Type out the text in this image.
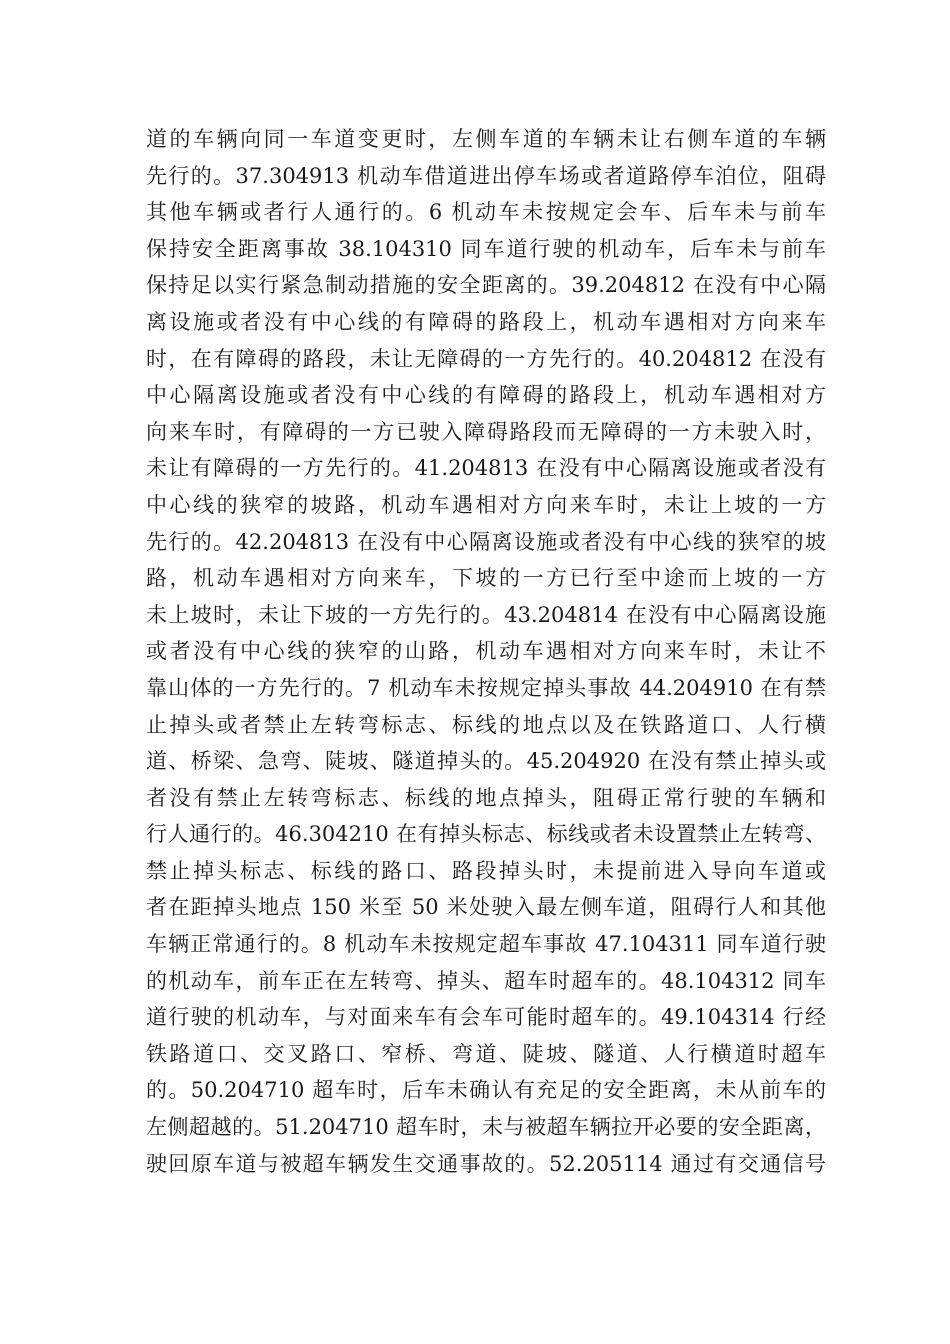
道的车辆向同一车道变更时，左侧车道的车辆未让右侧车道的车辆
先行的。37.304913 机动车借道进出停车场或者道路停车泊位，阻碍
其他车辆或者行人通行的。6 机动车未按规定会车、后车未与前车
保持安全距离事故 38.104310 同车道行驶的机动车，后车未与前车
保持足以实行紧急制动措施的安全距离的。39.204812 在没有中心隔
离设施或者没有中心线的有障碍的路段上，机动车遇相对方向来车
时，在有障碍的路段，未让无障碍的一方先行的。40.204812 在没有
中心隔离设施或者没有中心线的有障碍的路段上，机动车遇相对方
向来车时，有障碍的一方已驶入障碍路段而无障碍的一方未驶入时，
未让有障碍的一方先行的。41.204813 在没有中心隔离设施或者没有
中心线的狭窄的坡路，机动车遇相对方向来车时，未让上坡的一方
先行的。42.204813 在没有中心隔离设施或者没有中心线的狭窄的坡
路，机动车遇相对方向来车，下坡的一方已行至中途而上坡的一方
未上坡时，未让下坡的一方先行的。43.204814 在没有中心隔离设施
或者没有中心线的狭窄的山路，机动车遇相对方向来车时，未让不
靠山体的一方先行的。7 机动车未按规定掉头事故 44.204910 在有禁
止掉头或者禁止左转弯标志、标线的地点以及在铁路道口、人行横
道、桥梁、急弯、陡坡、隧道掉头的。45.204920 在没有禁止掉头或
者没有禁止左转弯标志、标线的地点掉头，阻碍正常行驶的车辆和
行人通行的。46.304210 在有掉头标志、标线或者未设置禁止左转弯、
禁止掉头标志、标线的路口、路段掉头时，未提前进入导向车道或
者在距掉头地点 150 米至 50 米处驶入最左侧车道，阻碍行人和其他
车辆正常通行的。8 机动车未按规定超车事故 47.104311 同车道行驶
的机动车，前车正在左转弯、掉头、超车时超车的。48.104312 同车
道行驶的机动车，与对面来车有会车可能时超车的。49.104314 行经
铁路道口、交叉路口、窄桥、弯道、陡坡、隧道、人行横道时超车
的。50.204710 超车时，后车未确认有充足的安全距离，未从前车的
左侧超越的。51.204710 超车时，未与被超车辆拉开必要的安全距离，
驶回原车道与被超车辆发生交通事故的。52.205114 通过有交通信号
